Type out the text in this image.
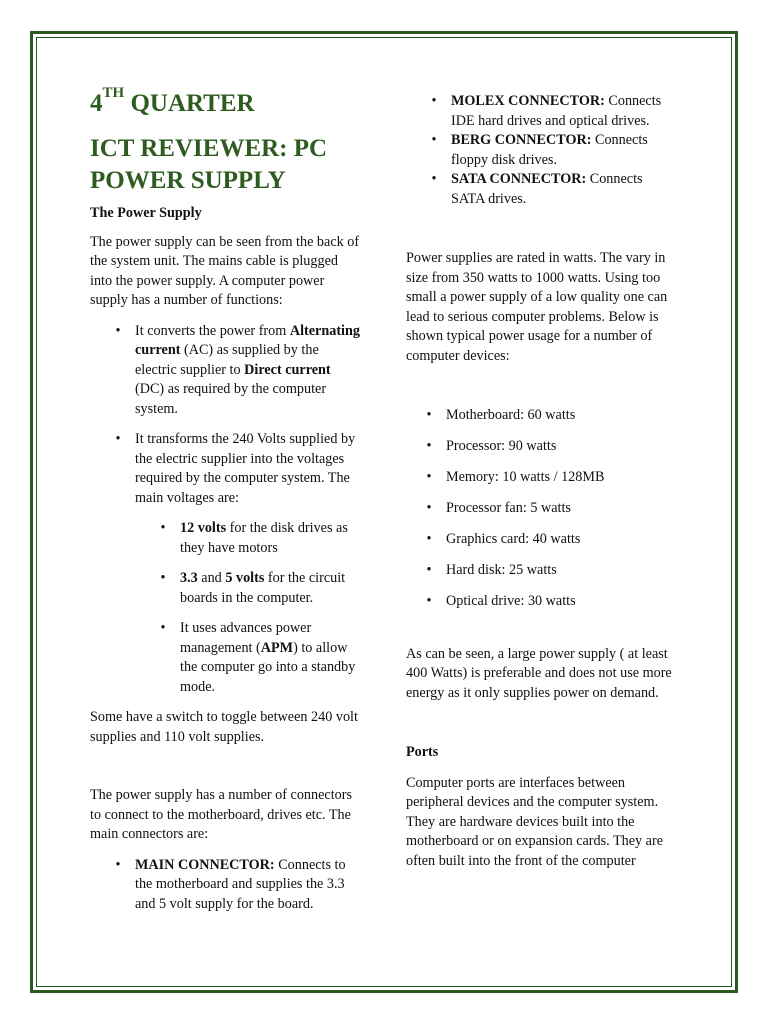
4TH QUARTER
ICT REVIEWER: PC
POWER SUPPLY

The Power Supply

The power supply can be seen from the back of the system unit. The mains cable is plugged into the power supply. A computer power supply has a number of functions:

• It converts the power from Alternating current (AC) as supplied by the electric supplier to Direct current (DC) as required by the computer system.
• It transforms the 240 Volts supplied by the electric supplier into the voltages required by the computer system. The main voltages are:
• 12 volts for the disk drives as they have motors
• 3.3 and 5 volts for the circuit boards in the computer.
• It uses advances power management (APM) to allow the computer go into a standby mode.

Some have a switch to toggle between 240 volt supplies and 110 volt supplies.

The power supply has a number of connectors to connect to the motherboard, drives etc. The main connectors are:

• MAIN CONNECTOR: Connects to the motherboard and supplies the 3.3 and 5 volt supply for the board.
• MOLEX CONNECTOR: Connects IDE hard drives and optical drives.
• BERG CONNECTOR: Connects floppy disk drives.
• SATA CONNECTOR: Connects SATA drives.

Power supplies are rated in watts. The vary in size from 350 watts to 1000 watts. Using too small a power supply of a low quality one can lead to serious computer problems. Below is shown typical power usage for a number of computer devices:

• Motherboard: 60 watts
• Processor: 90 watts
• Memory: 10 watts / 128MB
• Processor fan: 5 watts
• Graphics card: 40 watts
• Hard disk: 25 watts
• Optical drive: 30 watts

As can be seen, a large power supply ( at least 400 Watts) is preferable and does not use more energy as it only supplies power on demand.

Ports

Computer ports are interfaces between peripheral devices and the computer system. They are hardware devices built into the motherboard or on expansion cards. They are often built into the front of the computer
